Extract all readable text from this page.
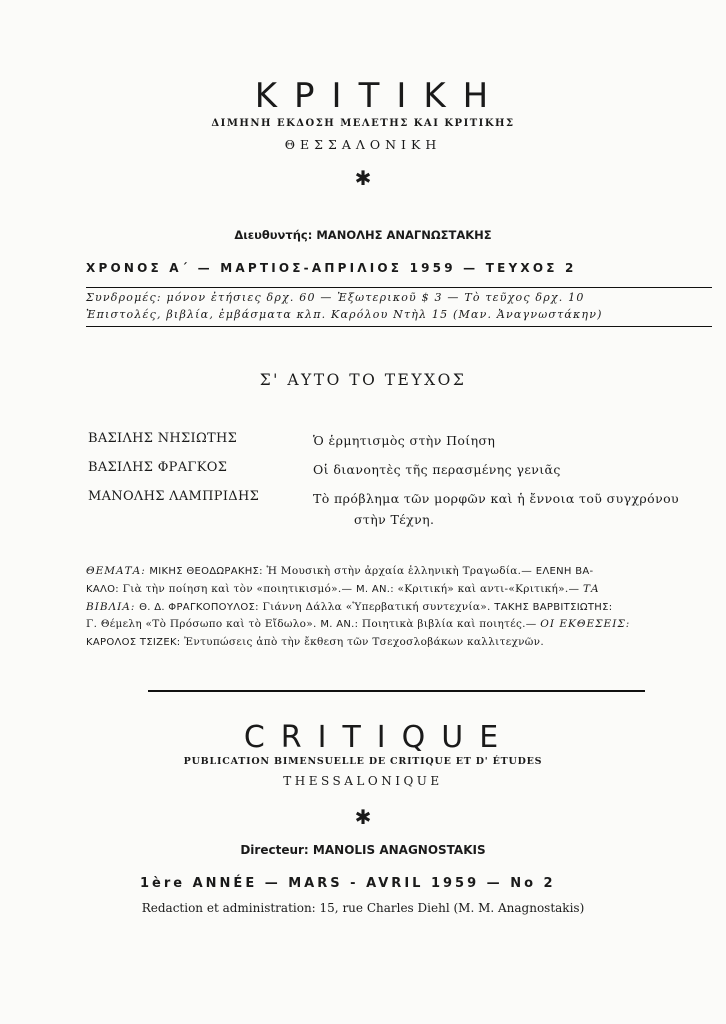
ΚΡΙΤΙΚΗ
ΔΙΜΗΝΗ ΕΚΔΟΣΗ ΜΕΛΕΤΗΣ ΚΑΙ ΚΡΙΤΙΚΗΣ
ΘΕΣΣΑΛΟΝΙΚΗ
✱
Διευθυντής: ΜΑΝΟΛΗΣ ΑΝΑΓΝΩΣΤΑΚΗΣ
ΧΡΟΝΟΣ Α΄ — ΜΑΡΤΙΟΣ-ΑΠΡΙΛΙΟΣ 1959 — ΤΕΥΧΟΣ 2
Συνδρομές: μόνον ἐτήσιες δρχ. 60 — Ἐξωτερικοῦ $ 3 — Τὸ τεῦχος δρχ. 10
Ἐπιστολές, βιβλία, ἐμβάσματα κλπ. Καρόλου Ντὴλ 15 (Μαν. Ἀναγνωστάκην)
Σ' ΑΥΤΟ ΤΟ ΤΕΥΧΟΣ
ΒΑΣΙΛΗΣ ΝΗΣΙΩΤΗΣ	Ὁ ἑρμητισμὸς στὴν Ποίηση
ΒΑΣΙΛΗΣ ΦΡΑΓΚΟΣ	Οἱ διανοητὲς τῆς περασμένης γενιᾶς
ΜΑΝΟΛΗΣ ΛΑΜΠΡΙΔΗΣ	Τὸ πρόβλημα τῶν μορφῶν καὶ ἡ ἔννοια τοῦ συγχρόνου
στὴν Τέχνη.
ΘΕΜΑΤΑ: ΜΙΚΗΣ ΘΕΟΔΩΡΑΚΗΣ: Ἡ Μουσικὴ στὴν ἀρχαία ἑλληνικὴ Τραγωδία.— ΕΛΕΝΗ ΒΑ-
ΚΑΛΟ: Γιὰ τὴν ποίηση καὶ τὸν «ποιητικισμό».— Μ. ΑΝ.: «Κριτική» καὶ αντι-«Κριτική».— ΤΑ
ΒΙΒΛΙΑ: Θ. Δ. ΦΡΑΓΚΟΠΟΥΛΟΣ: Γιάννη Δάλλα «Ὑπερβατική συντεχνία». ΤΑΚΗΣ ΒΑΡΒΙΤΣΙΩΤΗΣ:
Γ. Θέμελη «Τὸ Πρόσωπο καὶ τὸ Εἴδωλο». Μ. ΑΝ.: Ποιητικὰ βιβλία καὶ ποιητές.— ΟΙ ΕΚΘΕΣΕΙΣ:
ΚΑΡΟΛΟΣ ΤΣΙΖΕΚ: Ἐντυπώσεις ἀπὸ τὴν ἔκθεση τῶν Τσεχοσλοβάκων καλλιτεχνῶν.
CRITIQUE
PUBLICATION BIMENSUELLE DE CRITIQUE ET D' ÉTUDES
THESSALONIQUE
✱
Directeur: MANOLIS ANAGNOSTAKIS
1ère ANNÉE — MARS - AVRIL 1959 — No 2
Redaction et administration: 15, rue Charles Diehl (M. M. Anagnostakis)
